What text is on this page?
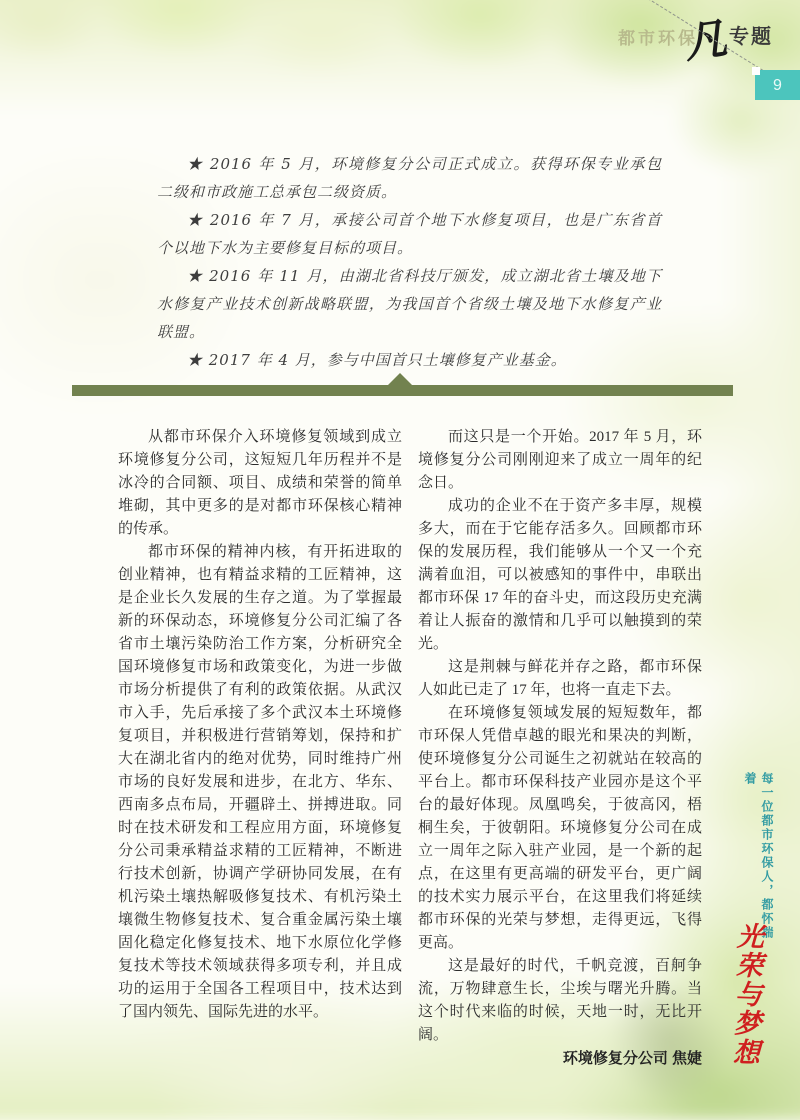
都市环保
凡 专题
9

★ 2016 年 5 月，环境修复分公司正式成立。获得环保专业承包二级和市政施工总承包二级资质。

★ 2016 年 7 月，承接公司首个地下水修复项目，也是广东省首个以地下水为主要修复目标的项目。

★ 2016 年 11 月，由湖北省科技厅颁发，成立湖北省土壤及地下水修复产业技术创新战略联盟，为我国首个省级土壤及地下水修复产业联盟。

★ 2017 年 4 月，参与中国首只土壤修复产业基金。

从都市环保介入环境修复领域到成立环境修复分公司，这短短几年历程并不是冰冷的合同额、项目、成绩和荣誉的简单堆砌，其中更多的是对都市环保核心精神的传承。

都市环保的精神内核，有开拓进取的创业精神，也有精益求精的工匠精神，这是企业长久发展的生存之道。为了掌握最新的环保动态，环境修复分公司汇编了各省市土壤污染防治工作方案，分析研究全国环境修复市场和政策变化，为进一步做市场分析提供了有利的政策依据。从武汉市入手，先后承接了多个武汉本土环境修复项目，并积极进行营销筹划，保持和扩大在湖北省内的绝对优势，同时维持广州市场的良好发展和进步，在北方、华东、西南多点布局，开疆辟土、拼搏进取。同时在技术研发和工程应用方面，环境修复分公司秉承精益求精的工匠精神，不断进行技术创新，协调产学研协同发展，在有机污染土壤热解吸修复技术、有机污染土壤微生物修复技术、复合重金属污染土壤固化稳定化修复技术、地下水原位化学修复技术等技术领域获得多项专利，并且成功的运用于全国各工程项目中，技术达到了国内领先、国际先进的水平。

而这只是一个开始。2017 年 5 月，环境修复分公司刚刚迎来了成立一周年的纪念日。

成功的企业不在于资产多丰厚，规模多大，而在于它能存活多久。回顾都市环保的发展历程，我们能够从一个又一个充满着血泪，可以被感知的事件中，串联出都市环保 17 年的奋斗史，而这段历史充满着让人振奋的激情和几乎可以触摸到的荣光。

这是荆棘与鲜花并存之路，都市环保人如此已走了 17 年，也将一直走下去。

在环境修复领域发展的短短数年，都市环保人凭借卓越的眼光和果决的判断，使环境修复分公司诞生之初就站在较高的平台上。都市环保科技产业园亦是这个平台的最好体现。凤凰鸣矣，于彼高冈，梧桐生矣，于彼朝阳。环境修复分公司在成立一周年之际入驻产业园，是一个新的起点，在这里有更高端的研发平台，更广阔的技术实力展示平台，在这里我们将延续都市环保的光荣与梦想，走得更远，飞得更高。

这是最好的时代，千帆竞渡，百舸争流，万物肆意生长，尘埃与曙光升腾。当这个时代来临的时候，天地一时，无比开阔。

环境修复分公司 焦婕

每一位都市环保人，都怀揣着
光荣与梦想
